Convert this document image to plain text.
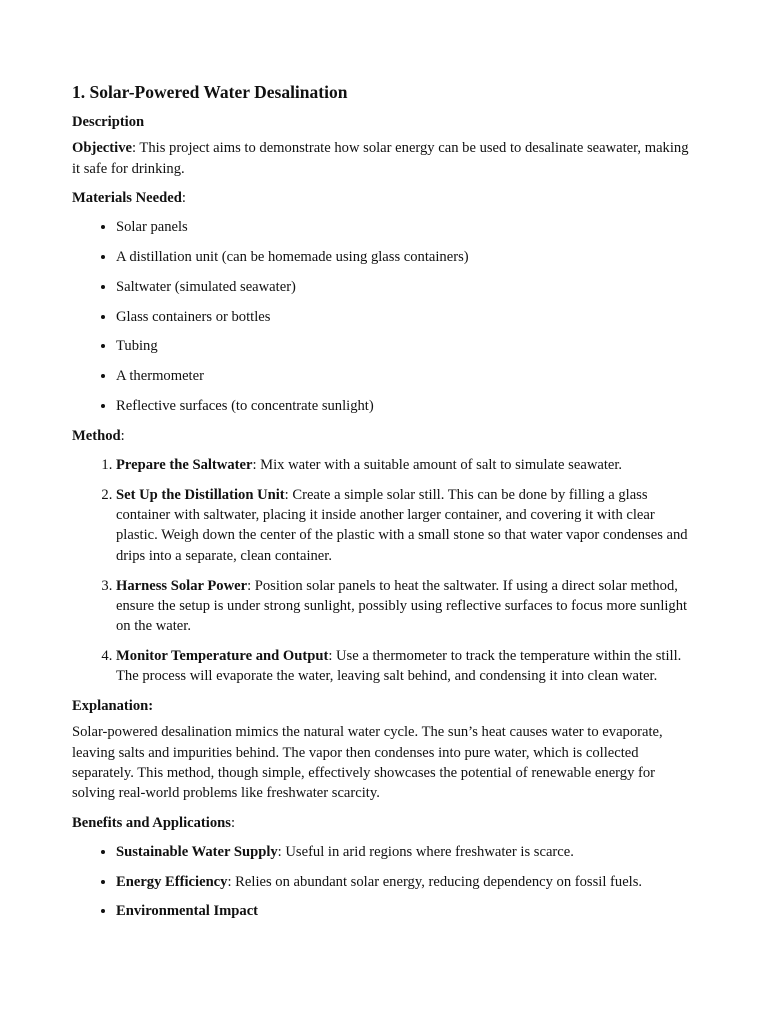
1. Solar-Powered Water Desalination
Description

Objective: This project aims to demonstrate how solar energy can be used to desalinate seawater, making it safe for drinking.

Materials Needed:
• Solar panels
• A distillation unit (can be homemade using glass containers)
• Saltwater (simulated seawater)
• Glass containers or bottles
• Tubing
• A thermometer
• Reflective surfaces (to concentrate sunlight)
Method:
1. Prepare the Saltwater: Mix water with a suitable amount of salt to simulate seawater.
2. Set Up the Distillation Unit: Create a simple solar still. This can be done by filling a glass container with saltwater, placing it inside another larger container, and covering it with clear plastic. Weigh down the center of the plastic with a small stone so that water vapor condenses and drips into a separate, clean container.
3. Harness Solar Power: Position solar panels to heat the saltwater. If using a direct solar method, ensure the setup is under strong sunlight, possibly using reflective surfaces to focus more sunlight on the water.
4. Monitor Temperature and Output: Use a thermometer to track the temperature within the still. The process will evaporate the water, leaving salt behind, and condensing it into clean water.
Explanation:

Solar-powered desalination mimics the natural water cycle. The sun’s heat causes water to evaporate, leaving salts and impurities behind. The vapor then condenses into pure water, which is collected separately. This method, though simple, effectively showcases the potential of renewable energy for solving real-world problems like freshwater scarcity.

Benefits and Applications:
• Sustainable Water Supply: Useful in arid regions where freshwater is scarce.
• Energy Efficiency: Relies on abundant solar energy, reducing dependency on fossil fuels.
• Environmental Impact
